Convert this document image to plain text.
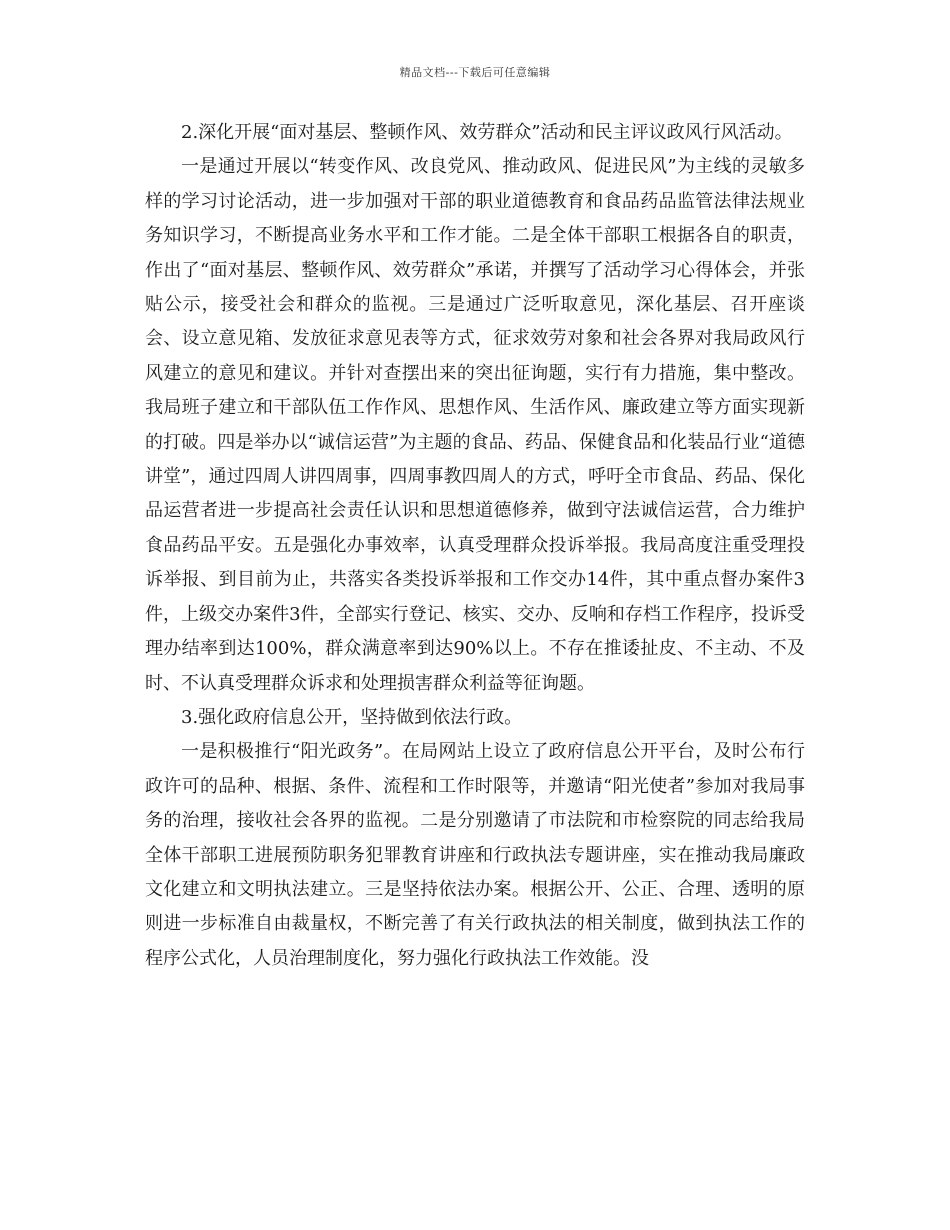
精品文档---下载后可任意编辑

2.深化开展“面对基层、整顿作风、效劳群众”活动和民主评议政风行风活动。

一是通过开展以“转变作风、改良党风、推动政风、促进民风”为主线的灵敏多样的学习讨论活动，进一步加强对干部的职业道德教育和食品药品监管法律法规业务知识学习，不断提高业务水平和工作才能。二是全体干部职工根据各自的职责，作出了“面对基层、整顿作风、效劳群众”承诺，并撰写了活动学习心得体会，并张贴公示，接受社会和群众的监视。三是通过广泛听取意见，深化基层、召开座谈会、设立意见箱、发放征求意见表等方式，征求效劳对象和社会各界对我局政风行风建立的意见和建议。并针对查摆出来的突出征询题，实行有力措施，集中整改。我局班子建立和干部队伍工作作风、思想作风、生活作风、廉政建立等方面实现新的打破。四是举办以“诚信运营”为主题的食品、药品、保健食品和化装品行业“道德讲堂”，通过四周人讲四周事，四周事教四周人的方式，呼吁全市食品、药品、保化品运营者进一步提高社会责任认识和思想道德修养，做到守法诚信运营，合力维护食品药品平安。五是强化办事效率，认真受理群众投诉举报。我局高度注重受理投诉举报、到目前为止，共落实各类投诉举报和工作交办14件，其中重点督办案件3件，上级交办案件3件，全部实行登记、核实、交办、反响和存档工作程序，投诉受理办结率到达100%，群众满意率到达90%以上。不存在推诿扯皮、不主动、不及时、不认真受理群众诉求和处理损害群众利益等征询题。

3.强化政府信息公开，坚持做到依法行政。

一是积极推行“阳光政务”。在局网站上设立了政府信息公开平台，及时公布行政许可的品种、根据、条件、流程和工作时限等，并邀请“阳光使者”参加对我局事务的治理，接收社会各界的监视。二是分别邀请了市法院和市检察院的同志给我局全体干部职工进展预防职务犯罪教育讲座和行政执法专题讲座，实在推动我局廉政文化建立和文明执法建立。三是坚持依法办案。根据公开、公正、合理、透明的原则进一步标准自由裁量权，不断完善了有关行政执法的相关制度，做到执法工作的程序公式化，人员治理制度化，努力强化行政执法工作效能。没
